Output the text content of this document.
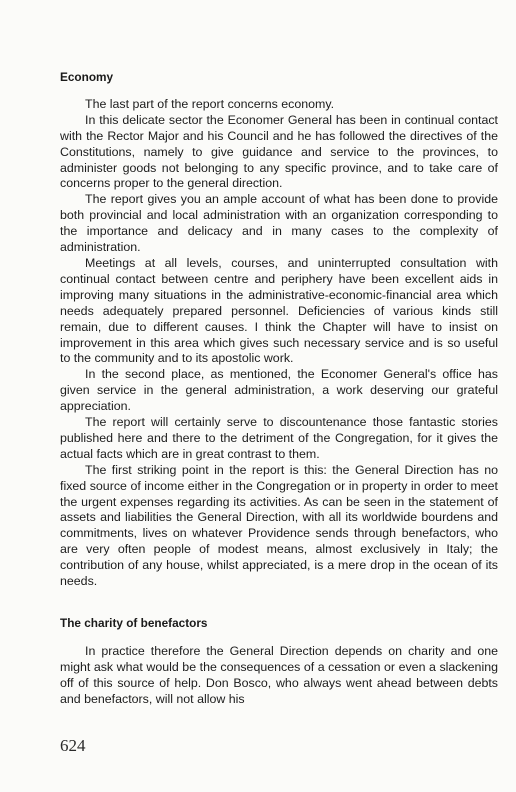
Economy

The last part of the report concerns economy.

In this delicate sector the Economer General has been in continual contact with the Rector Major and his Council and he has followed the directives of the Constitutions, namely to give guidance and service to the provinces, to administer goods not belonging to any specific province, and to take care of concerns proper to the general direction.

The report gives you an ample account of what has been done to provide both provincial and local administration with an organization corresponding to the importance and delicacy and in many cases to the complexity of administration.

Meetings at all levels, courses, and uninterrupted consultation with continual contact between centre and periphery have been excellent aids in improving many situations in the administrative-economic-financial area which needs adequately prepared personnel. Deficiencies of various kinds still remain, due to different causes. I think the Chapter will have to insist on improvement in this area which gives such necessary service and is so useful to the community and to its apostolic work.

In the second place, as mentioned, the Economer General's office has given service in the general administration, a work deserving our grateful appreciation.

The report will certainly serve to discountenance those fantastic stories published here and there to the detriment of the Congregation, for it gives the actual facts which are in great contrast to them.

The first striking point in the report is this: the General Direction has no fixed source of income either in the Congregation or in property in order to meet the urgent expenses regarding its activities. As can be seen in the statement of assets and liabilities the General Direction, with all its worldwide bourdens and commitments, lives on whatever Providence sends through benefactors, who are very often people of modest means, almost exclusively in Italy; the contribution of any house, whilst appreciated, is a mere drop in the ocean of its needs.

The charity of benefactors

In practice therefore the General Direction depends on charity and one might ask what would be the consequences of a cessation or even a slackening off of this source of help. Don Bosco, who always went ahead between debts and benefactors, will not allow his

624
